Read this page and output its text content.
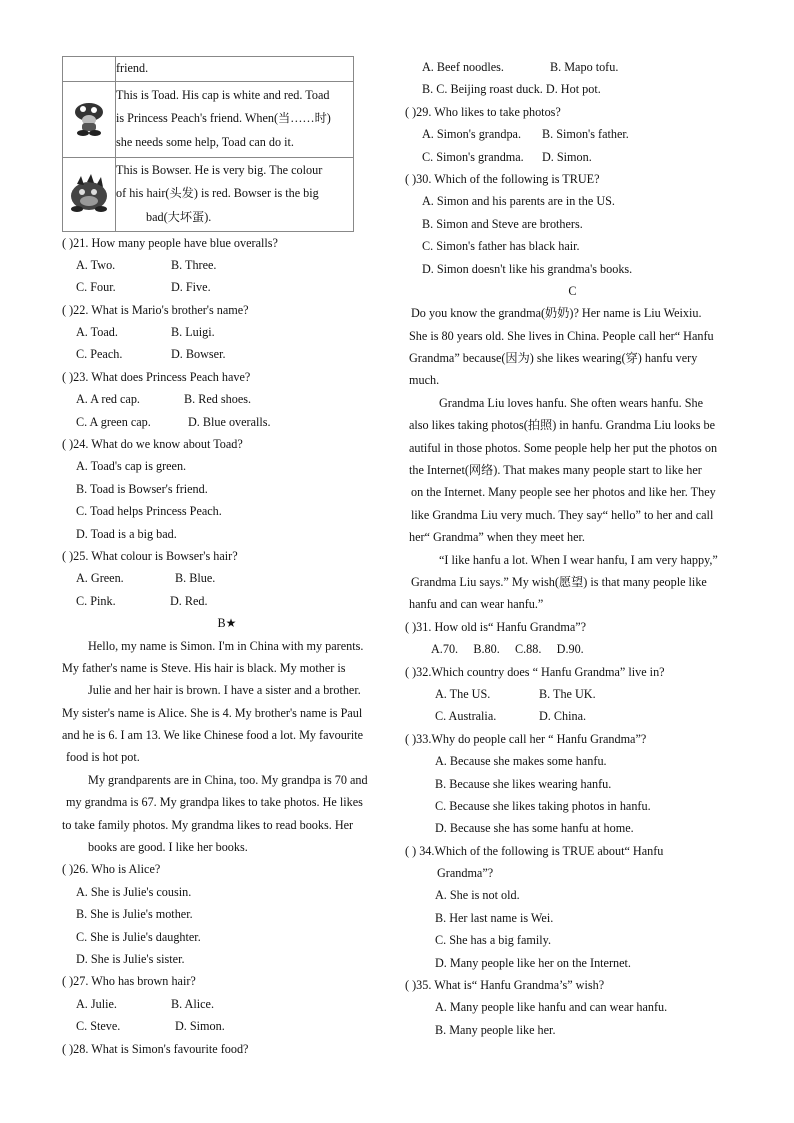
	friend.

This is Toad. His cap is white and red. Toad
is Princess Peach's friend. When(当……时)
she needs some help, Toad can do it.

This is Bowser. He is very big. The colour
of his hair(头发) is red. Bowser is the big
bad(大坏蛋).
( )21. How many people have blue overalls?
A. Two.	B. Three.
C. Four.	D. Five.
( )22. What is Mario's brother's name?
A. Toad.	B. Luigi.
C. Peach.	D. Bowser.
( )23. What does Princess Peach have?
A. A red cap.	B. Red shoes.
C. A green cap.	D. Blue overalls.
( )24. What do we know about Toad?
A. Toad's cap is green.
B. Toad is Bowser's friend.
C. Toad helps Princess Peach.
D. Toad is a big bad.
( )25. What colour is Bowser's hair?
A. Green.	B. Blue.
C. Pink.	D. Red.
B★
Hello, my name is Simon. I'm in China with my parents.
My father's name is Steve. His hair is black. My mother is
Julie and her hair is brown. I have a sister and a brother.
My sister's name is Alice. She is 4. My brother's name is Paul
and he is 6. I am 13. We like Chinese food a lot. My favourite
food is hot pot.
My grandparents are in China, too. My grandpa is 70 and
my grandma is 67. My grandpa likes to take photos. He likes
to take family photos. My grandma likes to read books. Her
books are good. I like her books.
( )26. Who is Alice?
A. She is Julie's cousin.
B. She is Julie's mother.
C. She is Julie's daughter.
D. She is Julie's sister.
( )27. Who has brown hair?
A. Julie.	B. Alice.
C. Steve.	D. Simon.
( )28. What is Simon's favourite food?
A. Beef noodles.	B. Mapo tofu.
B. C. Beijing roast duck. D. Hot pot.
( )29. Who likes to take photos?
A. Simon's grandpa. B. Simon's father.
C. Simon's grandma. D. Simon.
( )30. Which of the following is TRUE?
A. Simon and his parents are in the US.
B. Simon and Steve are brothers.
C. Simon's father has black hair.
D. Simon doesn't like his grandma's books.
C
Do you know the grandma(奶奶)? Her name is Liu Weixiu.
She is 80 years old. She lives in China. People call her“ Hanfu
Grandma” because(因为) she likes wearing(穿) hanfu very
much.
Grandma Liu loves hanfu. She often wears hanfu. She
also likes taking photos(拍照) in hanfu. Grandma Liu looks be
autiful in those photos. Some people help her put the photos on
the Internet(网络). That makes many people start to like her
on the Internet. Many people see her photos and like her. They
like Grandma Liu very much. They say“ hello” to her and call
her“ Grandma” when they meet her.
“I like hanfu a lot. When I wear hanfu, I am very happy,”
Grandma Liu says.” My wish(愿望) is that many people like
hanfu and can wear hanfu.”
( )31. How old is“ Hanfu Grandma”?
A.70. B.80. C.88. D.90.
( )32.Which country does “ Hanfu Grandma” live in?
A. The US.	B. The UK.
C. Australia.	D. China.
( )33.Why do people call her “ Hanfu Grandma”?
A. Because she makes some hanfu.
B. Because she likes wearing hanfu.
C. Because she likes taking photos in hanfu.
D. Because she has some hanfu at home.
( ) 34.Which of the following is TRUE about“ Hanfu
Grandma”?
A. She is not old.
B. Her last name is Wei.
C. She has a big family.
D. Many people like her on the Internet.
( )35. What is“ Hanfu Grandma’s” wish?
A. Many people like hanfu and can wear hanfu.
B. Many people like her.
